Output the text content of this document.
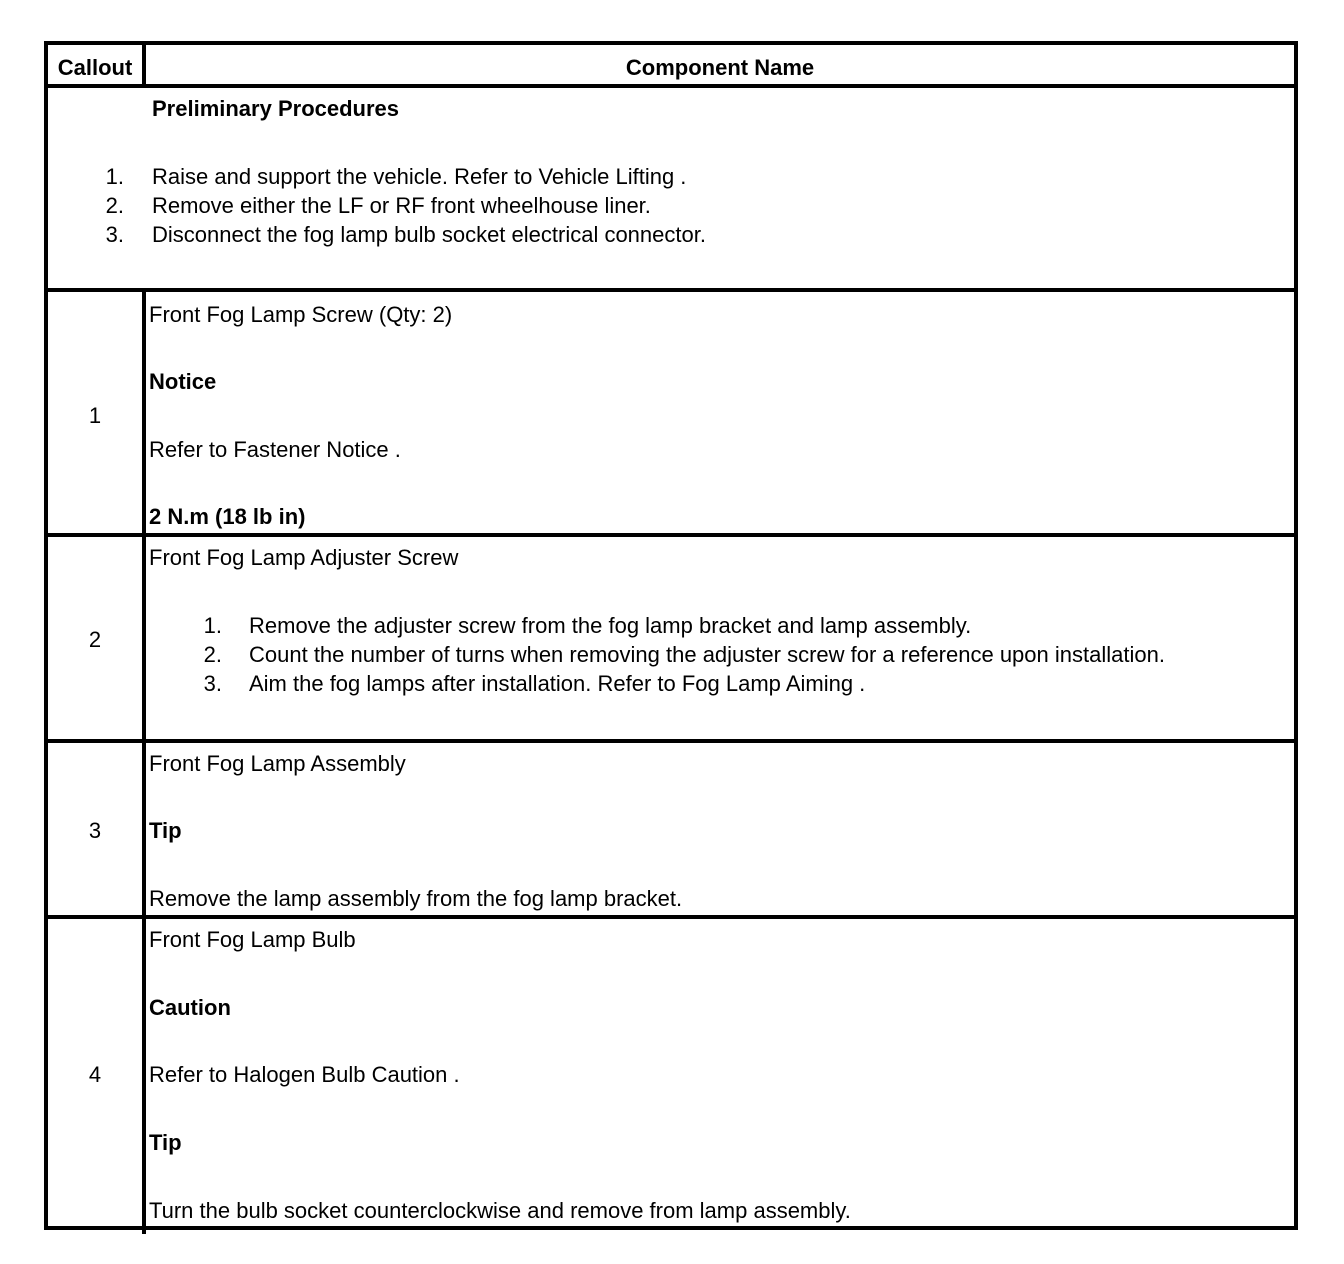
Callout	Component Name
Preliminary Procedures
1. Raise and support the vehicle. Refer to Vehicle Lifting .
2. Remove either the LF or RF front wheelhouse liner.
3. Disconnect the fog lamp bulb socket electrical connector.
1
Front Fog Lamp Screw (Qty: 2)
Notice
Refer to Fastener Notice .
2 N.m (18 lb in)
2
Front Fog Lamp Adjuster Screw
1. Remove the adjuster screw from the fog lamp bracket and lamp assembly.
2. Count the number of turns when removing the adjuster screw for a reference upon installation.
3. Aim the fog lamps after installation. Refer to Fog Lamp Aiming .
3
Front Fog Lamp Assembly
Tip
Remove the lamp assembly from the fog lamp bracket.
4
Front Fog Lamp Bulb
Caution
Refer to Halogen Bulb Caution .
Tip
Turn the bulb socket counterclockwise and remove from lamp assembly.
